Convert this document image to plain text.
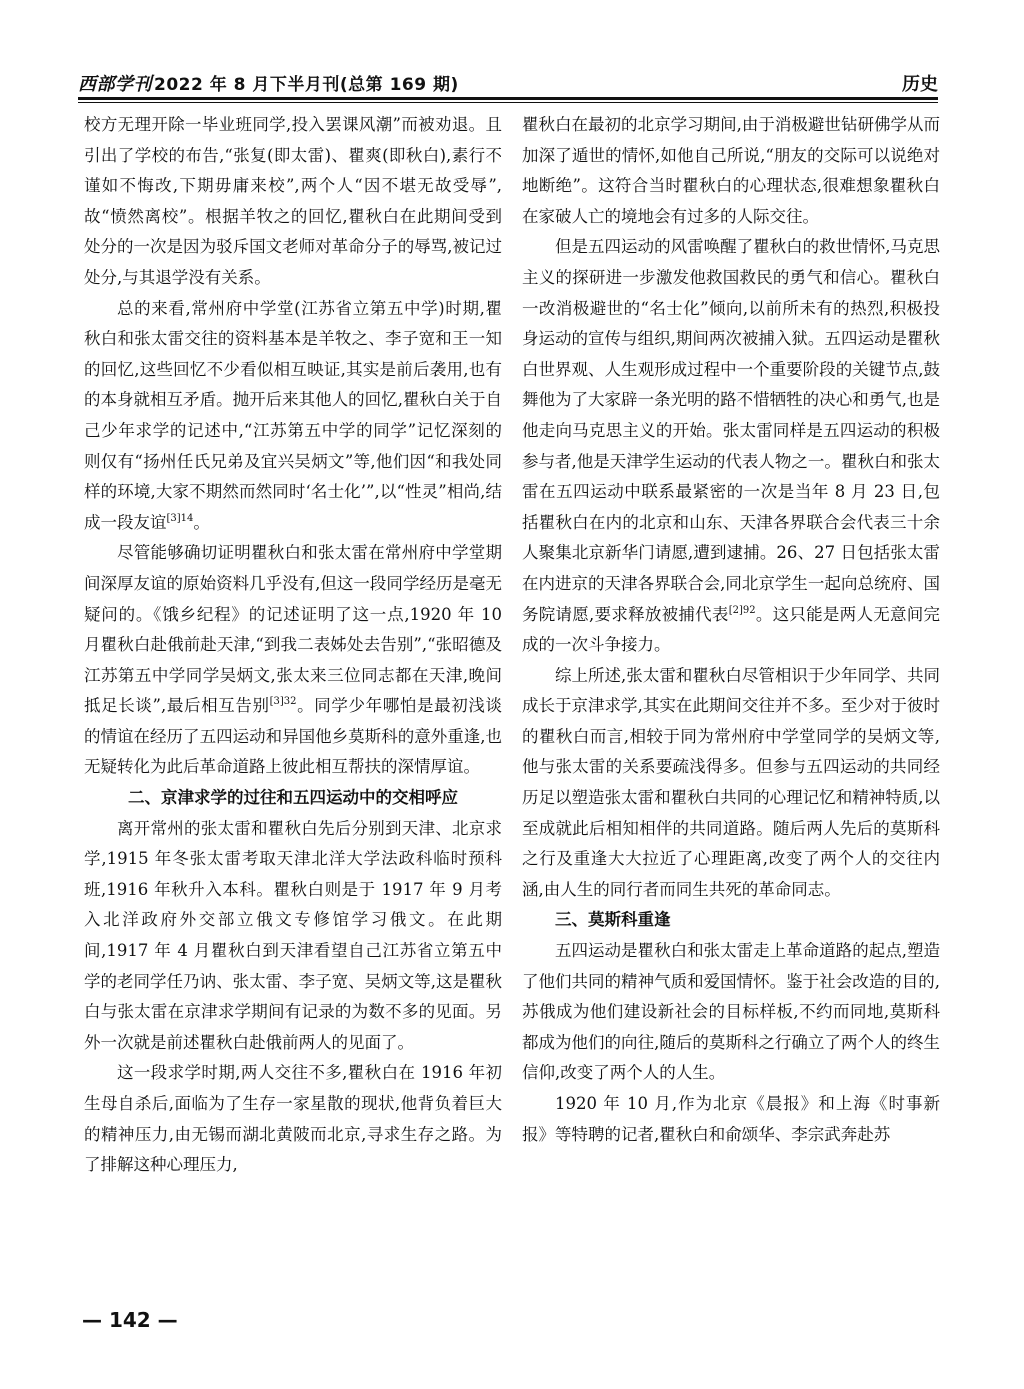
西部学刊 2022 年 8 月下半月刊(总第 169 期)	历史

校方无理开除一毕业班同学,投入罢课风潮”而被劝退。且引出了学校的布告,“张复(即太雷)、瞿爽(即秋白),素行不谨如不悔改,下期毋庸来校”,两个人“因不堪无故受辱”,故“愤然离校”。根据羊牧之的回忆,瞿秋白在此期间受到处分的一次是因为驳斥国文老师对革命分子的辱骂,被记过处分,与其退学没有关系。

总的来看,常州府中学堂(江苏省立第五中学)时期,瞿秋白和张太雷交往的资料基本是羊牧之、李子宽和王一知的回忆,这些回忆不少看似相互映证,其实是前后袭用,也有的本身就相互矛盾。抛开后来其他人的回忆,瞿秋白关于自己少年求学的记述中,“江苏第五中学的同学”记忆深刻的则仅有“扬州任氏兄弟及宜兴吴炳文”等,他们因“和我处同样的环境,大家不期然而然同时‘名士化’”,以“性灵”相尚,结成一段友谊$^{[3]14}$。

尽管能够确切证明瞿秋白和张太雷在常州府中学堂期间深厚友谊的原始资料几乎没有,但这一段同学经历是毫无疑问的。《饿乡纪程》的记述证明了这一点,1920 年 10 月瞿秋白赴俄前赴天津,“到我二表姊处去告别”,“张昭德及江苏第五中学同学吴炳文,张太来三位同志都在天津,晚间抵足长谈”,最后相互告别$^{[3]32}$。同学少年哪怕是最初浅谈的情谊在经历了五四运动和异国他乡莫斯科的意外重逢,也无疑转化为此后革命道路上彼此相互帮扶的深情厚谊。

二、京津求学的过往和五四运动中的交相呼应

离开常州的张太雷和瞿秋白先后分别到天津、北京求学,1915 年冬张太雷考取天津北洋大学法政科临时预科班,1916 年秋升入本科。瞿秋白则是于 1917 年 9 月考入北洋政府外交部立俄文专修馆学习俄文。在此期间,1917 年 4 月瞿秋白到天津看望自己江苏省立第五中学的老同学任乃讷、张太雷、李子宽、吴炳文等,这是瞿秋白与张太雷在京津求学期间有记录的为数不多的见面。另外一次就是前述瞿秋白赴俄前两人的见面了。

这一段求学时期,两人交往不多,瞿秋白在 1916 年初生母自杀后,面临为了生存一家星散的现状,他背负着巨大的精神压力,由无锡而湖北黄陂而北京,寻求生存之路。为了排解这种心理压力,

瞿秋白在最初的北京学习期间,由于消极避世钻研佛学从而加深了遁世的情怀,如他自己所说,“朋友的交际可以说绝对地断绝”。这符合当时瞿秋白的心理状态,很难想象瞿秋白在家破人亡的境地会有过多的人际交往。

但是五四运动的风雷唤醒了瞿秋白的救世情怀,马克思主义的探研进一步激发他救国救民的勇气和信心。瞿秋白一改消极避世的“名士化”倾向,以前所未有的热烈,积极投身运动的宣传与组织,期间两次被捕入狱。五四运动是瞿秋白世界观、人生观形成过程中一个重要阶段的关键节点,鼓舞他为了大家辟一条光明的路不惜牺牲的决心和勇气,也是他走向马克思主义的开始。张太雷同样是五四运动的积极参与者,他是天津学生运动的代表人物之一。瞿秋白和张太雷在五四运动中联系最紧密的一次是当年 8 月 23 日,包括瞿秋白在内的北京和山东、天津各界联合会代表三十余人聚集北京新华门请愿,遭到逮捕。26、27 日包括张太雷在内进京的天津各界联合会,同北京学生一起向总统府、国务院请愿,要求释放被捕代表$^{[2]92}$。这只能是两人无意间完成的一次斗争接力。

综上所述,张太雷和瞿秋白尽管相识于少年同学、共同成长于京津求学,其实在此期间交往并不多。至少对于彼时的瞿秋白而言,相较于同为常州府中学堂同学的吴炳文等,他与张太雷的关系要疏浅得多。但参与五四运动的共同经历足以塑造张太雷和瞿秋白共同的心理记忆和精神特质,以至成就此后相知相伴的共同道路。随后两人先后的莫斯科之行及重逢大大拉近了心理距离,改变了两个人的交往内涵,由人生的同行者而同生共死的革命同志。

三、莫斯科重逢

五四运动是瞿秋白和张太雷走上革命道路的起点,塑造了他们共同的精神气质和爱国情怀。鉴于社会改造的目的,苏俄成为他们建设新社会的目标样板,不约而同地,莫斯科都成为他们的向往,随后的莫斯科之行确立了两个人的终生信仰,改变了两个人的人生。

1920 年 10 月,作为北京《晨报》和上海《时事新报》等特聘的记者,瞿秋白和俞颂华、李宗武奔赴苏

— 142 —
